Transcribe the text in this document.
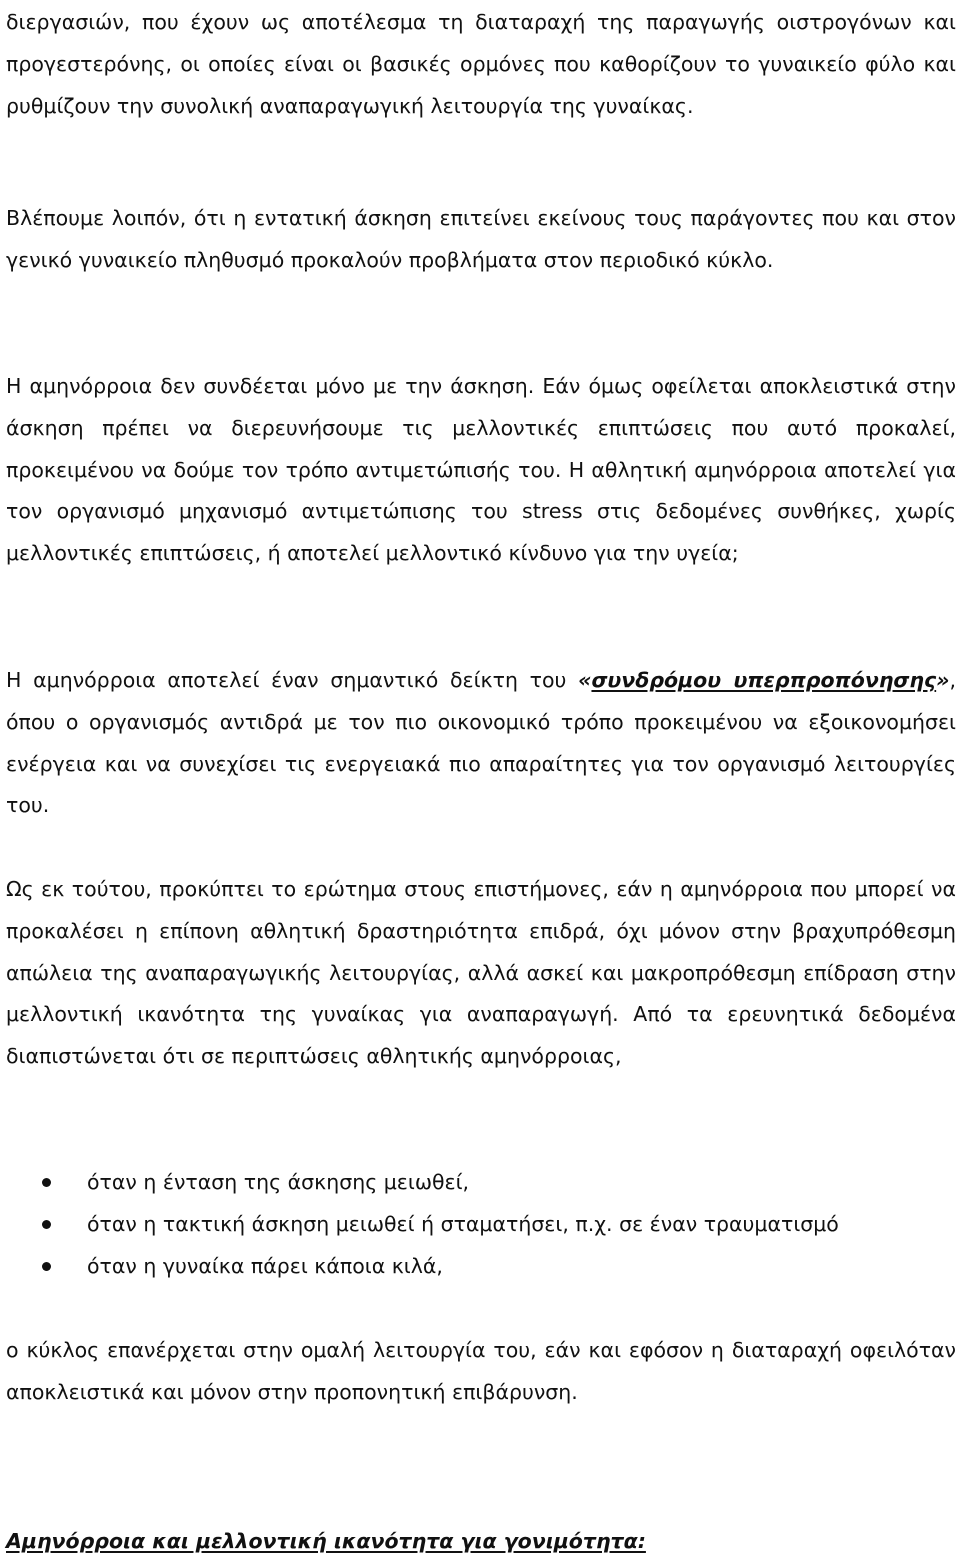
διεργασιών, που έχουν ως αποτέλεσμα τη διαταραχή της παραγωγής οιστρογόνων και προγεστερόνης, οι οποίες είναι οι βασικές ορμόνες που καθορίζουν το γυναικείο φύλο και ρυθμίζουν την συνολική αναπαραγωγική λειτουργία της γυναίκας.

Βλέπουμε λοιπόν, ότι η εντατική άσκηση επιτείνει εκείνους τους παράγοντες που και στον γενικό γυναικείο πληθυσμό προκαλούν προβλήματα στον περιοδικό κύκλο.

Η αμηνόρροια δεν συνδέεται μόνο με την άσκηση. Εάν όμως οφείλεται αποκλειστικά στην άσκηση πρέπει να διερευνήσουμε τις μελλοντικές επιπτώσεις που αυτό προκαλεί, προκειμένου να δούμε τον τρόπο αντιμετώπισής του. Η αθλητική αμηνόρροια αποτελεί για τον οργανισμό μηχανισμό αντιμετώπισης του stress στις δεδομένες συνθήκες, χωρίς μελλοντικές επιπτώσεις, ή αποτελεί μελλοντικό κίνδυνο για την υγεία;

Η αμηνόρροια αποτελεί έναν σημαντικό δείκτη του «συνδρόμου υπερπροπόνησης», όπου ο οργανισμός αντιδρά με τον πιο οικονομικό τρόπο προκειμένου να εξοικονομήσει ενέργεια και να συνεχίσει τις ενεργειακά πιο απαραίτητες για τον οργανισμό λειτουργίες του.

Ως εκ τούτου, προκύπτει το ερώτημα στους επιστήμονες, εάν η αμηνόρροια που μπορεί να προκαλέσει η επίπονη αθλητική δραστηριότητα επιδρά, όχι μόνον στην βραχυπρόθεσμη απώλεια της αναπαραγωγικής λειτουργίας, αλλά ασκεί και μακροπρόθεσμη επίδραση στην μελλοντική ικανότητα της γυναίκας για αναπαραγωγή. Από τα ερευνητικά δεδομένα διαπιστώνεται ότι σε περιπτώσεις αθλητικής αμηνόρροιας,

όταν η ένταση της άσκησης μειωθεί,
όταν η τακτική άσκηση μειωθεί ή σταματήσει, π.χ. σε έναν τραυματισμό
όταν η γυναίκα πάρει κάποια κιλά,

ο κύκλος επανέρχεται στην ομαλή λειτουργία του, εάν και εφόσον η διαταραχή οφειλόταν αποκλειστικά και μόνον στην προπονητική επιβάρυνση.

Αμηνόρροια και μελλοντική ικανότητα για γονιμότητα:
